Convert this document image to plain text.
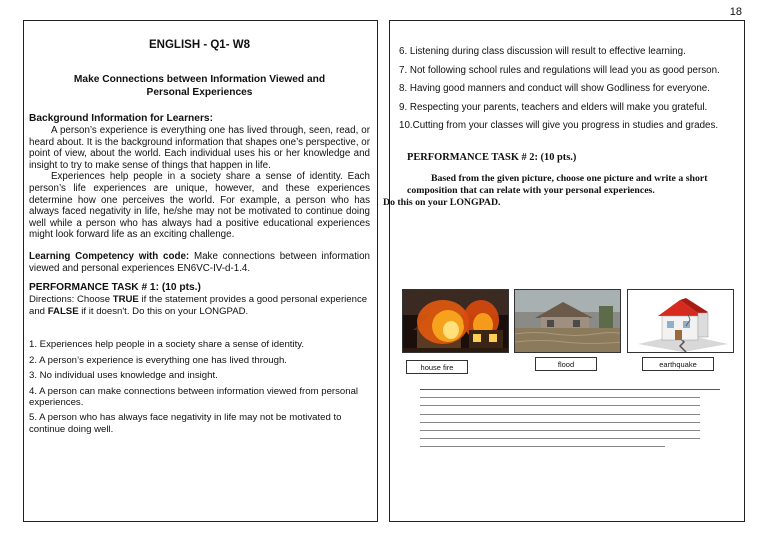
18
ENGLISH - Q1- W8
Make Connections between Information Viewed and Personal Experiences
Background Information for Learners:

A person’s experience is everything one has lived through, seen, read, or heard about. It is the background information that shapes one’s perspective, or point of view, about the world. Each individual uses his or her knowledge and insight to try to make sense of things that happen in life.

Experiences help people in a society share a sense of identity. Each person’s life experiences are unique, however, and these experiences determine how one perceives the world. For example, a person who has always faced negativity in life, he/she may not be motivated to continue doing well while a person who has always had a positive educational experiences might look forward life as an exciting challenge.

Learning Competency with code: Make connections between information viewed and personal experiences EN6VC-IV-d-1.4.
PERFORMANCE TASK # 1: (10 pts.)
Directions: Choose TRUE if the statement provides a good personal experience and FALSE if it doesn't. Do this on your LONGPAD.
1. Experiences help people in a society share a sense of identity.
2. A person’s experience is everything one has lived through.
3. No individual uses knowledge and insight.
4. A person can make connections between information viewed from personal experiences.
5. A person who has always face negativity in life may not be motivated to continue doing well.
6. Listening during class discussion will result to effective learning.
7. Not following school rules and regulations will lead you as good person.
8. Having good manners and conduct will show Godliness for everyone.
9. Respecting your parents, teachers and elders will make you grateful.
10.Cutting from your classes will give you progress in studies and grades.
PERFORMANCE TASK # 2: (10 pts.)
Based from the given picture, choose one picture and write a short composition that can relate with your personal experiences.
Do this on your LONGPAD.
house fire	flood	earthquake
